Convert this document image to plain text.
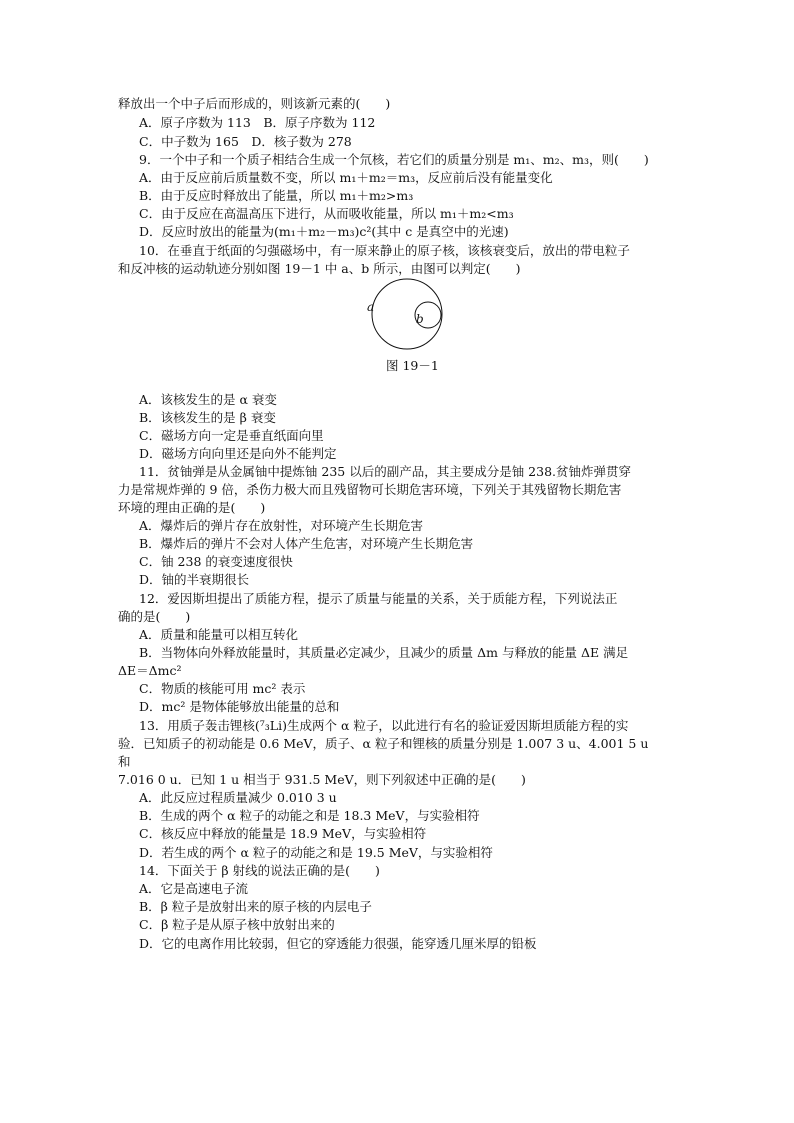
释放出一个中子后而形成的，则该新元素的(　　)
A．原子序数为 113　B．原子序数为 112
C．中子数为 165　D．核子数为 278
9．一个中子和一个质子相结合生成一个氘核，若它们的质量分别是 m₁、m₂、m₃，则(　　)
A．由于反应前后质量数不变，所以 m₁＋m₂＝m₃，反应前后没有能量变化
B．由于反应时释放出了能量，所以 m₁＋m₂>m₃
C．由于反应在高温高压下进行，从而吸收能量，所以 m₁＋m₂<m₃
D．反应时放出的能量为(m₁＋m₂－m₃)c²(其中 c 是真空中的光速)
10．在垂直于纸面的匀强磁场中，有一原来静止的原子核，该核衰变后，放出的带电粒子
和反冲核的运动轨迹分别如图 19－1 中 a、b 所示，由图可以判定(　　)
a
b
图 19－1
A．该核发生的是 α 衰变
B．该核发生的是 β 衰变
C．磁场方向一定是垂直纸面向里
D．磁场方向向里还是向外不能判定
11．贫铀弹是从金属铀中提炼铀 235 以后的副产品，其主要成分是铀 238.贫铀炸弹贯穿
力是常规炸弹的 9 倍，杀伤力极大而且残留物可长期危害环境，下列关于其残留物长期危害
环境的理由正确的是(　　)
A．爆炸后的弹片存在放射性，对环境产生长期危害
B．爆炸后的弹片不会对人体产生危害，对环境产生长期危害
C．铀 238 的衰变速度很快
D．铀的半衰期很长
12．爱因斯坦提出了质能方程，提示了质量与能量的关系，关于质能方程，下列说法正
确的是(　　)
A．质量和能量可以相互转化
B．当物体向外释放能量时，其质量必定减少，且减少的质量 Δm 与释放的能量 ΔE 满足
ΔE＝Δmc²
C．物质的核能可用 mc² 表示
D．mc² 是物体能够放出能量的总和
13．用质子轰击锂核(⁷₃Li)生成两个 α 粒子，以此进行有名的验证爱因斯坦质能方程的实
验．已知质子的初动能是 0.6 MeV，质子、α 粒子和锂核的质量分别是 1.007 3 u、4.001 5 u
和
7.016 0 u．已知 1 u 相当于 931.5 MeV，则下列叙述中正确的是(　　)
A．此反应过程质量减少 0.010 3 u
B．生成的两个 α 粒子的动能之和是 18.3 MeV，与实验相符
C．核反应中释放的能量是 18.9 MeV，与实验相符
D．若生成的两个 α 粒子的动能之和是 19.5 MeV，与实验相符
14．下面关于 β 射线的说法正确的是(　　)
A．它是高速电子流
B．β 粒子是放射出来的原子核的内层电子
C．β 粒子是从原子核中放射出来的
D．它的电离作用比较弱，但它的穿透能力很强，能穿透几厘米厚的铅板
